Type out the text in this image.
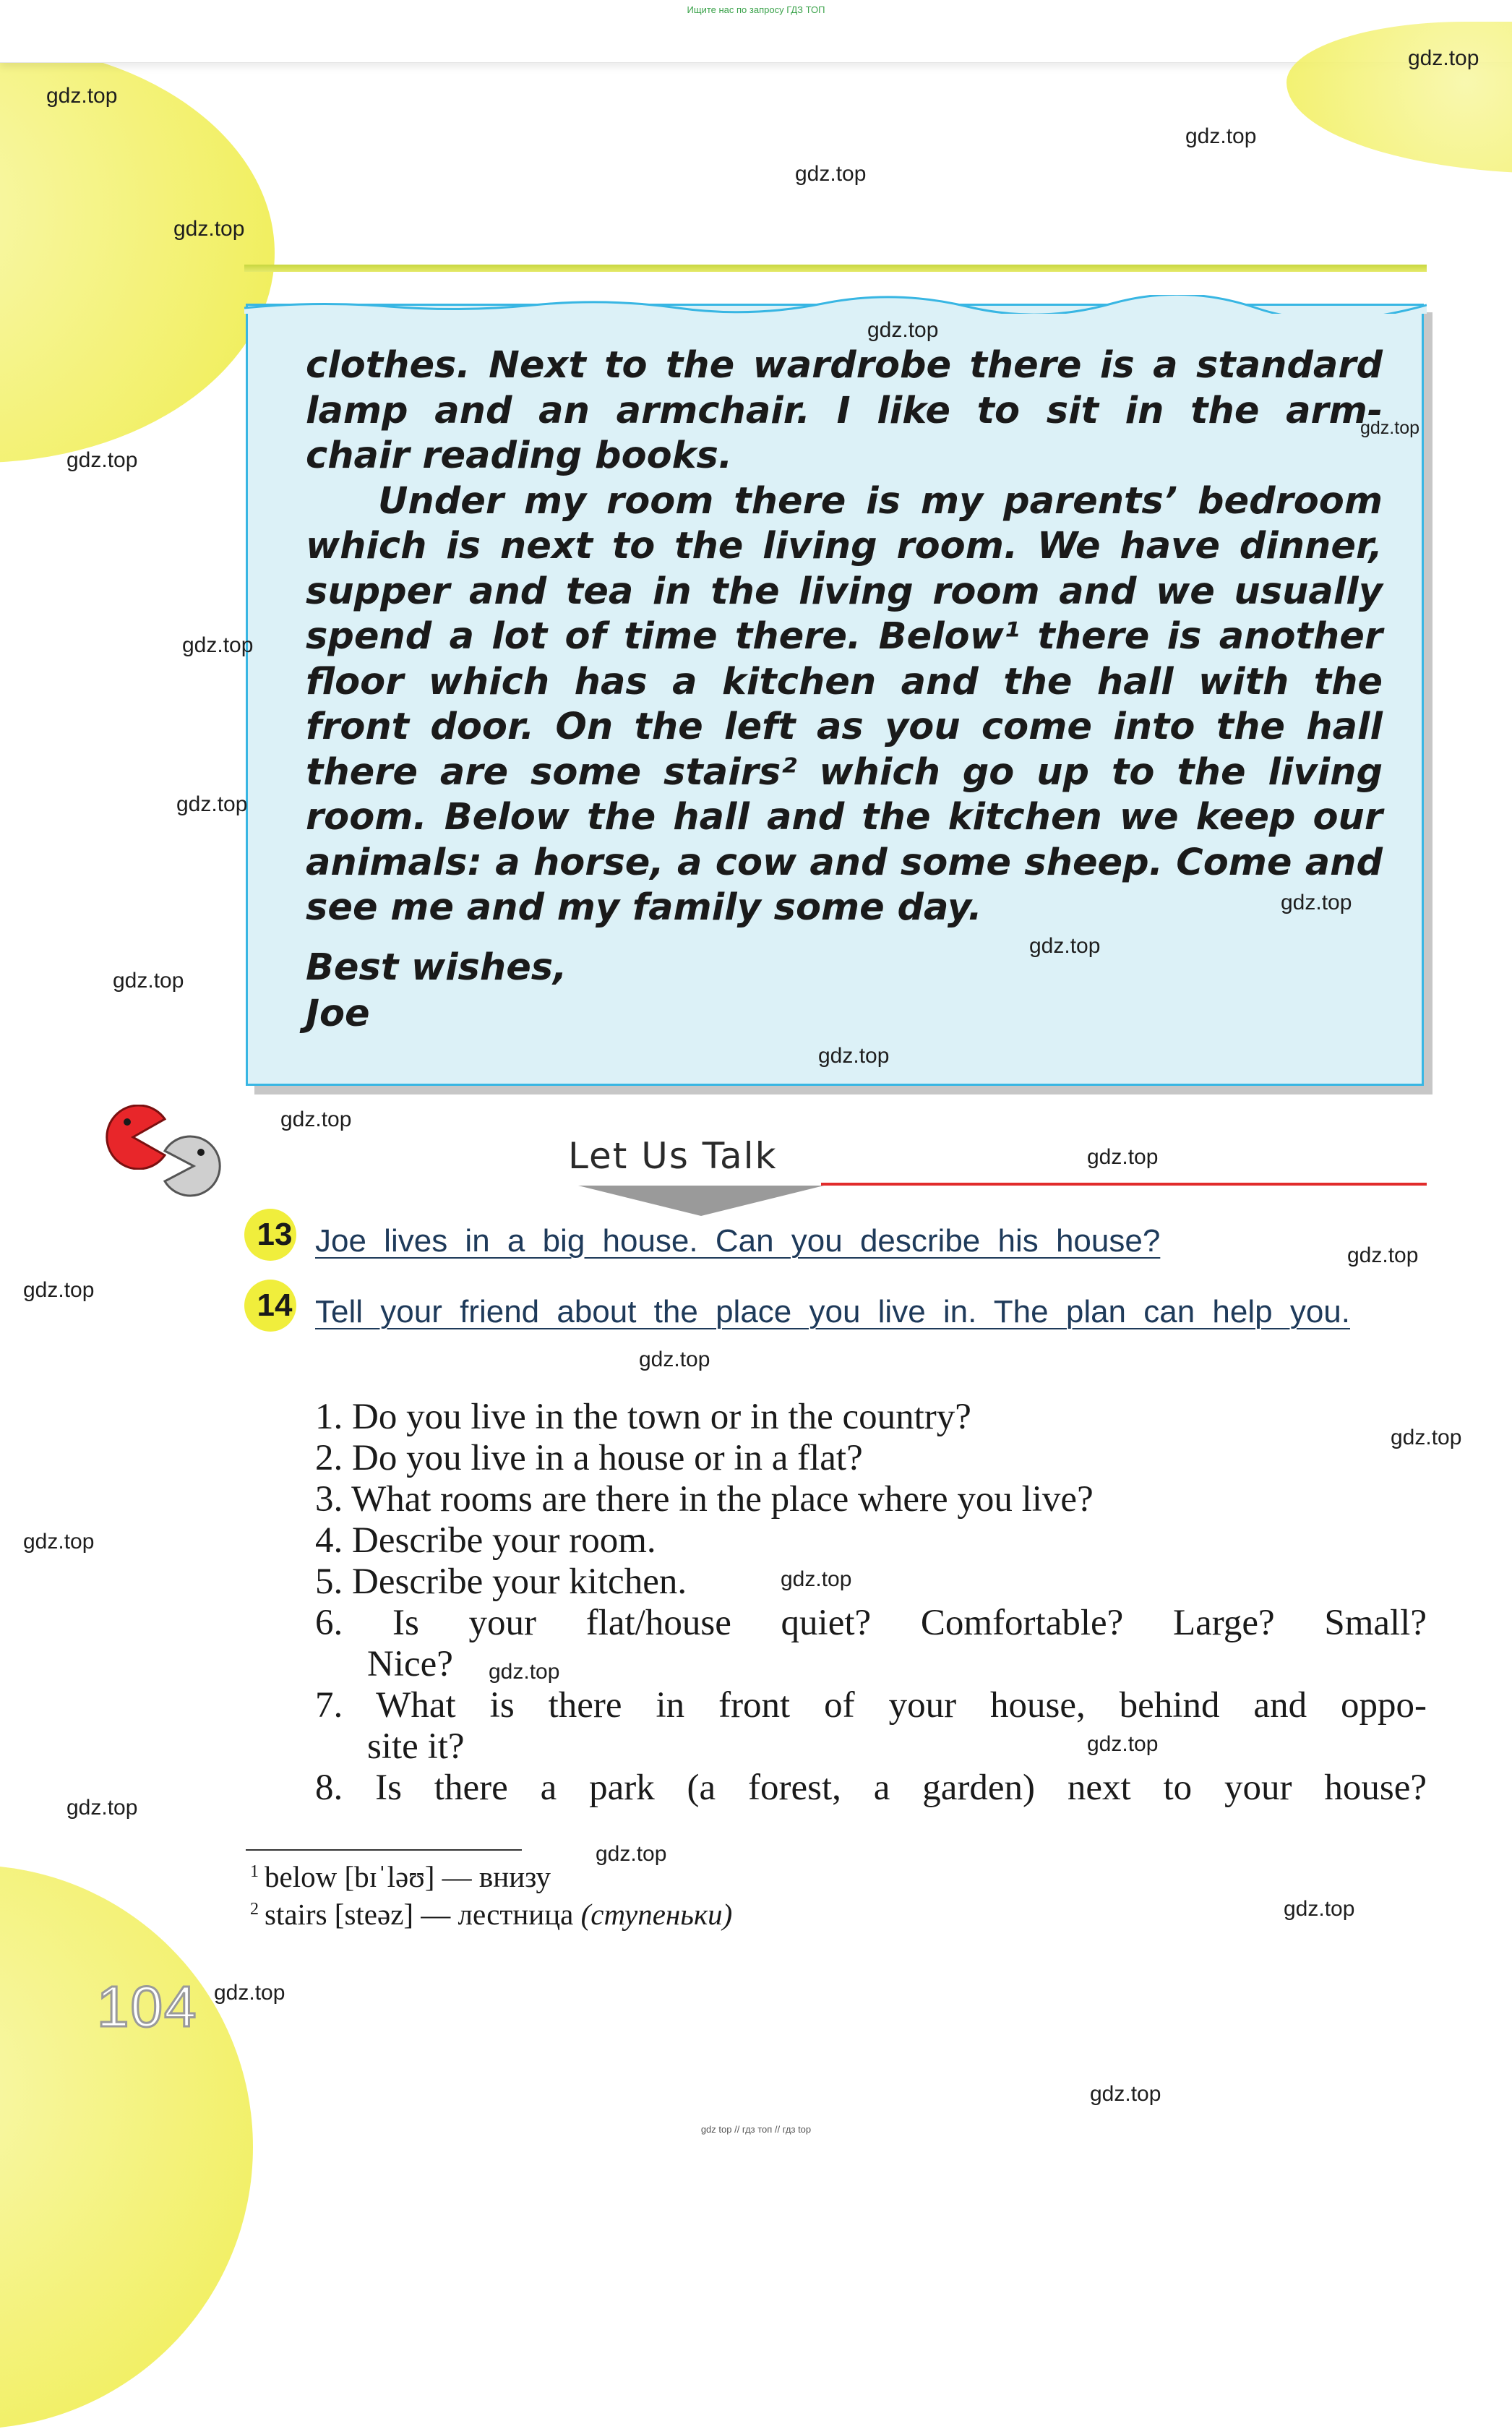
Ищите нас по запросу ГДЗ ТОП
clothes. Next to the wardrobe there is a standard
lamp and an armchair. I like to sit in the arm-
chair reading books.
Under my room there is my parents’ bedroom
which is next to the living room. We have dinner,
supper and tea in the living room and we usually
spend a lot of time there. Below¹ there is another
floor which has a kitchen and the hall with the
front door. On the left as you come into the hall
there are some stairs² which go up to the living
room. Below the hall and the kitchen we keep our
animals: a horse, a cow and some sheep. Come and
see me and my family some day.
Best wishes,
Joe
Let Us Talk
13 Joe lives in a big house. Can you describe his house?
14 Tell your friend about the place you live in. The plan can help you.
1. Do you live in the town or in the country?
2. Do you live in a house or in a flat?
3. What rooms are there in the place where you live?
4. Describe your room.
5. Describe your kitchen.
6. Is your flat/house quiet? Comfortable? Large? Small?
Nice?
7. What is there in front of your house, behind and oppo-
site it?
8. Is there a park (a forest, a garden) next to your house?
$^1$ below [bɪˈləʊ] — внизу
$^2$ stairs [steəz] — лестница (ступеньки)
104
gdz.top
gdz.top
gdz.top
gdz.top
gdz.top
gdz.top
gdz.top
gdz.top
gdz.top
gdz.top
gdz.top
gdz.top
gdz.top
gdz.top
gdz.top
gdz.top
gdz.top
gdz.top
gdz.top
gdz.top
gdz.top
gdz.top
gdz.top
gdz.top
gdz.top
gdz.top
gdz.top
gdz.top
gdz.top
gdz top // гдз топ // гдз top
